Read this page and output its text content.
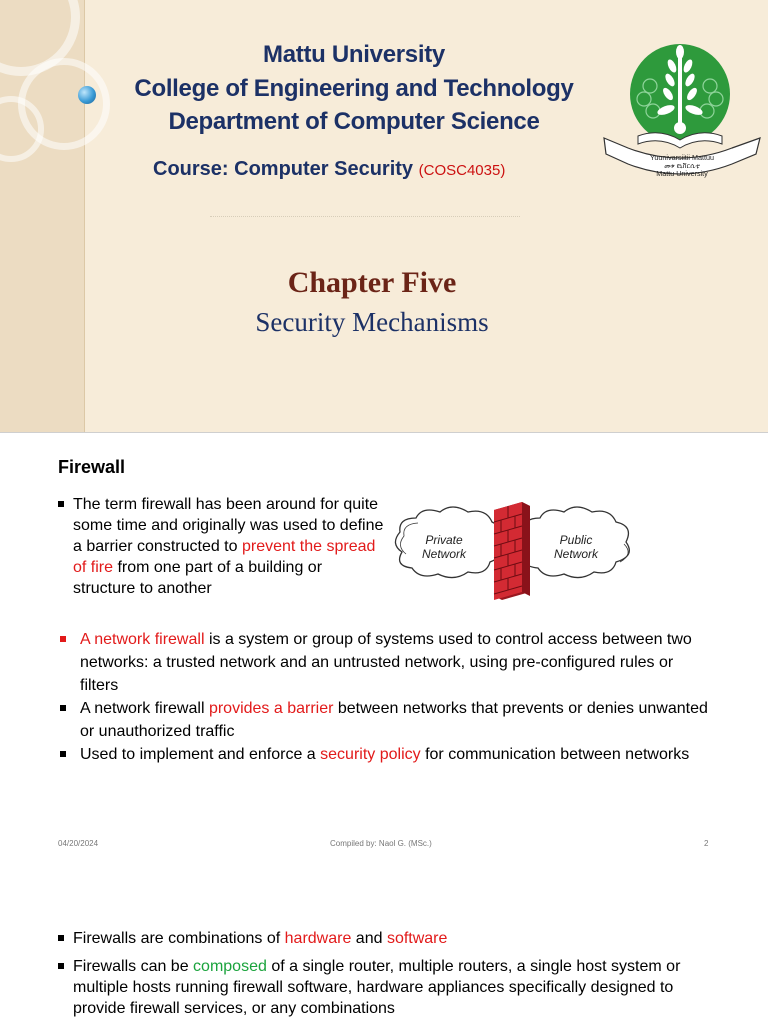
Mattu University
College of Engineering and Technology
Department of Computer Science
Course: Computer Security (COSC4035)
Chapter Five
Security Mechanisms
Yuunivarsiitii Mattuu
መቱ ዩኒቨርሲቲ
Mattu University
Firewall
The term firewall has been around for quite some time and originally was used to define a barrier constructed to prevent the spread of fire from one part of a building or structure to another
Private
Network
Public
Network
A network firewall is a system or group of systems used to control access between two networks: a trusted network and an untrusted network, using pre-configured rules or filters
A network firewall provides a barrier between networks that prevents or denies unwanted or unauthorized traffic
Used to implement and enforce a security policy for communication between networks
04/20/2024	Compiled by: Naol G. (MSc.)	2
Firewalls are combinations of hardware and software
Firewalls can be composed of a single router, multiple routers, a single host system or multiple hosts running firewall software, hardware appliances specifically designed to provide firewall services, or any combinations
